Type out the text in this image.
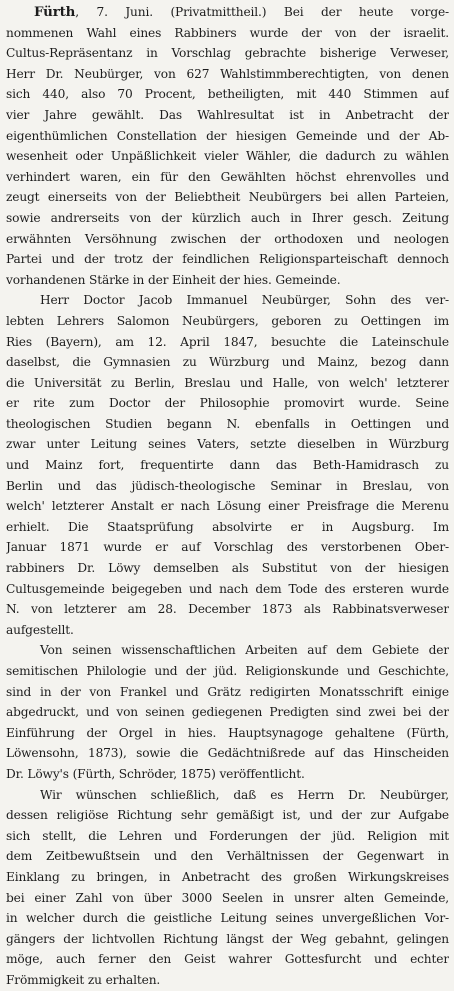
Fürth, 7. Juni. (Privatmittheil.) Bei der heute vorge-
nommenen Wahl eines Rabbiners wurde der von der israelit.
Cultus-Repräsentanz in Vorschlag gebrachte bisherige Verweser,
Herr Dr. Neubürger, von 627 Wahlstimmberechtigten, von denen
sich 440, also 70 Procent, betheiligten, mit 440 Stimmen auf
vier Jahre gewählt. Das Wahlresultat ist in Anbetracht der
eigenthümlichen Constellation der hiesigen Gemeinde und der Ab-
wesenheit oder Unpäßlichkeit vieler Wähler, die dadurch zu wählen
verhindert waren, ein für den Gewählten höchst ehrenvolles und
zeugt einerseits von der Beliebtheit Neubürgers bei allen Parteien,
sowie andrerseits von der kürzlich auch in Ihrer gesch. Zeitung
erwähnten Versöhnung zwischen der orthodoxen und neologen
Partei und der trotz der feindlichen Religionsparteischaft dennoch
vorhandenen Stärke in der Einheit der hies. Gemeinde.
Herr Doctor Jacob Immanuel Neubürger, Sohn des ver-
lebten Lehrers Salomon Neubürgers, geboren zu Oettingen im
Ries (Bayern), am 12. April 1847, besuchte die Lateinschule
daselbst, die Gymnasien zu Würzburg und Mainz, bezog dann
die Universität zu Berlin, Breslau und Halle, von welch' letzterer
er rite zum Doctor der Philosophie promovirt wurde. Seine
theologischen Studien begann N. ebenfalls in Oettingen und
zwar unter Leitung seines Vaters, setzte dieselben in Würzburg
und Mainz fort, frequentirte dann das Beth-Hamidrasch zu
Berlin und das jüdisch-theologische Seminar in Breslau, von
welch' letzterer Anstalt er nach Lösung einer Preisfrage die Merenu
erhielt. Die Staatsprüfung absolvirte er in Augsburg. Im
Januar 1871 wurde er auf Vorschlag des verstorbenen Ober-
rabbiners Dr. Löwy demselben als Substitut von der hiesigen
Cultusgemeinde beigegeben und nach dem Tode des ersteren wurde
N. von letzterer am 28. December 1873 als Rabbinatsverweser
aufgestellt.
Von seinen wissenschaftlichen Arbeiten auf dem Gebiete der
semitischen Philologie und der jüd. Religionskunde und Geschichte,
sind in der von Frankel und Grätz redigirten Monatsschrift einige
abgedruckt, und von seinen gediegenen Predigten sind zwei bei der
Einführung der Orgel in hies. Hauptsynagoge gehaltene (Fürth,
Löwensohn, 1873), sowie die Gedächtnißrede auf das Hinscheiden
Dr. Löwy's (Fürth, Schröder, 1875) veröffentlicht.
Wir wünschen schließlich, daß es Herrn Dr. Neubürger,
dessen religiöse Richtung sehr gemäßigt ist, und der zur Aufgabe
sich stellt, die Lehren und Forderungen der jüd. Religion mit
dem Zeitbewußtsein und den Verhältnissen der Gegenwart in
Einklang zu bringen, in Anbetracht des großen Wirkungskreises
bei einer Zahl von über 3000 Seelen in unsrer alten Gemeinde,
in welcher durch die geistliche Leitung seines unvergeßlichen Vor-
gängers der lichtvollen Richtung längst der Weg gebahnt, gelingen
möge, auch ferner den Geist wahrer Gottesfurcht und echter
Frömmigkeit zu erhalten.
